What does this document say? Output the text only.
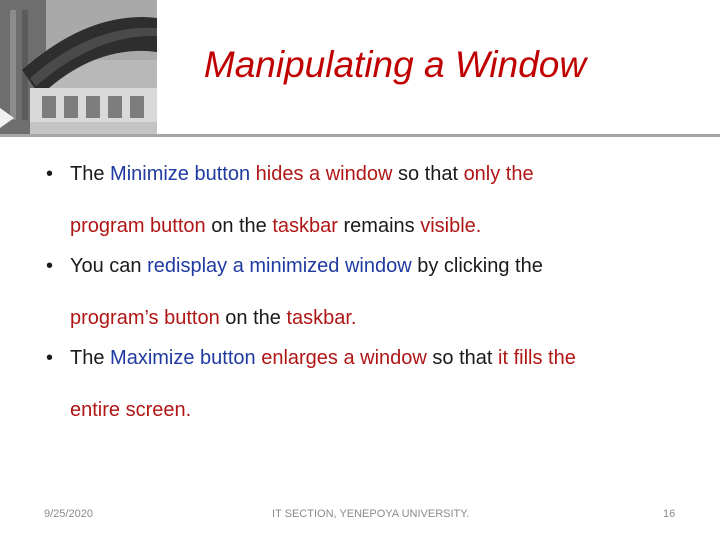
Manipulating a Window
• The Minimize button hides a window so that only the
program button on the taskbar remains visible.
• You can redisplay a minimized window by clicking the
program’s button on the taskbar.
• The Maximize button enlarges a window so that it fills the
entire screen.
9/25/2020	IT SECTION, YENEPOYA UNIVERSITY.	16
